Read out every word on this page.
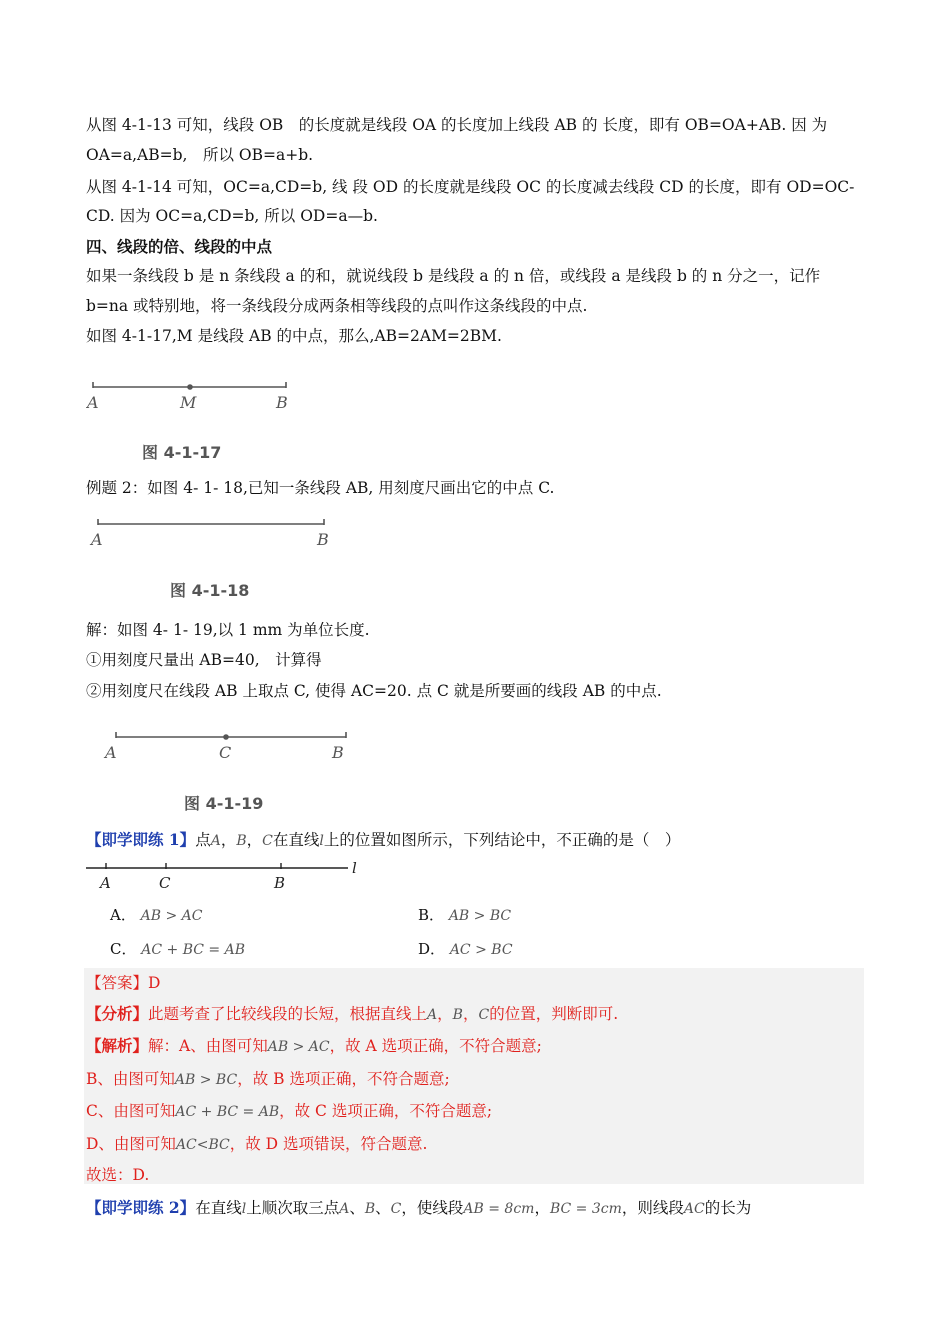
从图 4-1-13 可知，线段 OB　的长度就是线段 OA 的长度加上线段 AB 的 长度，即有 OB=OA+AB. 因 为
OA=a,AB=b,　所以 OB=a+b.
从图 4-1-14 可知，OC=a,CD=b, 线 段 OD 的长度就是线段 OC 的长度减去线段 CD 的长度，即有 OD=OC-
CD. 因为 OC=a,CD=b, 所以 OD=a—b.
四、线段的倍、线段的中点
如果一条线段 b 是 n 条线段 a 的和，就说线段 b 是线段 a 的 n 倍，或线段 a 是线段 b 的 n 分之一，记作
b=na 或特别地，将一条线段分成两条相等线段的点叫作这条线段的中点.
如图 4-1-17,M 是线段 AB 的中点，那么,AB=2AM=2BM.
A	M	B
图 4-1-17
例题 2：如图 4- 1- 18,已知一条线段 AB, 用刻度尺画出它的中点 C.
A	B
图 4-1-18
解：如图 4- 1- 19,以 1 mm 为单位长度.
①用刻度尺量出 AB=40,　计算得
②用刻度尺在线段 AB 上取点 C, 使得 AC=20. 点 C 就是所要画的线段 AB 的中点.
A	C	B
图 4-1-19
【即学即练 1】点A，B，C在直线l上的位置如图所示，下列结论中，不正确的是（　）
A	C	B
l
A． AB > AC	B． AB > BC
C． AC + BC = AB	D． AC > BC
【答案】D
【分析】此题考查了比较线段的长短，根据直线上A，B，C的位置，判断即可.
【解析】解：A、由图可知AB > AC，故 A 选项正确，不符合题意;
B、由图可知AB > BC，故 B 选项正确，不符合题意;
C、由图可知AC + BC = AB，故 C 选项正确，不符合题意;
D、由图可知AC<BC，故 D 选项错误，符合题意.
故选：D.
【即学即练 2】在直线l上顺次取三点A、B、C，使线段AB = 8cm，BC = 3cm，则线段AC的长为
